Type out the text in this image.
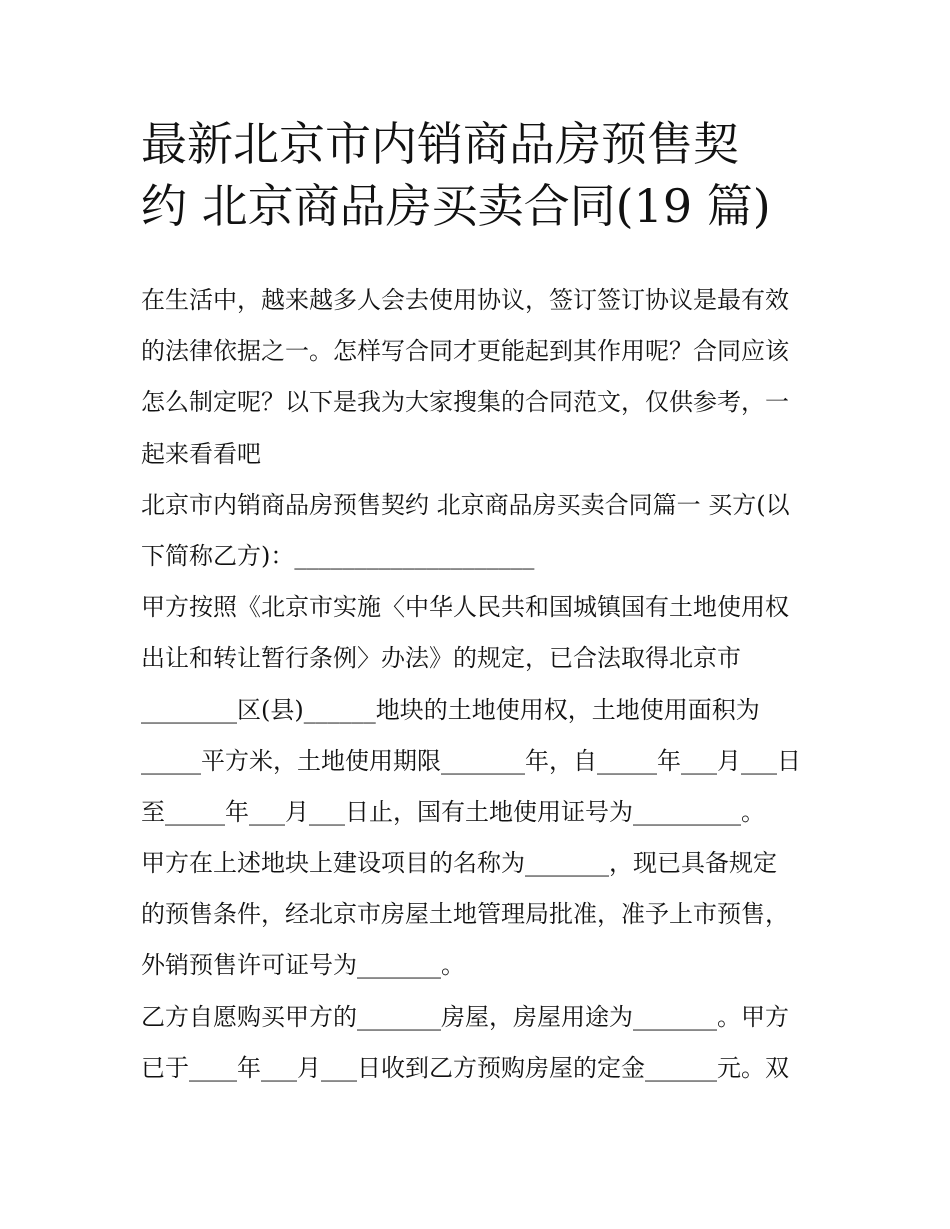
最新北京市内销商品房预售契
约 北京商品房买卖合同(19 篇)
在生活中，越来越多人会去使用协议，签订签订协议是最有效
的法律依据之一。怎样写合同才更能起到其作用呢？合同应该
怎么制定呢？以下是我为大家搜集的合同范文，仅供参考，一
起来看看吧
北京市内销商品房预售契约 北京商品房买卖合同篇一 买方(以
下简称乙方)：____________________
甲方按照《北京市实施〈中华人民共和国城镇国有土地使用权
出让和转让暂行条例〉办法》的规定，已合法取得北京市
________区(县)______地块的土地使用权，土地使用面积为
_____平方米，土地使用期限_______年，自_____年___月___日
至_____年___月___日止，国有土地使用证号为_________。
甲方在上述地块上建设项目的名称为_______，现已具备规定
的预售条件，经北京市房屋土地管理局批准，准予上市预售，
外销预售许可证号为_______。
乙方自愿购买甲方的_______房屋，房屋用途为_______。甲方
已于____年___月___日收到乙方预购房屋的定金______元。双
